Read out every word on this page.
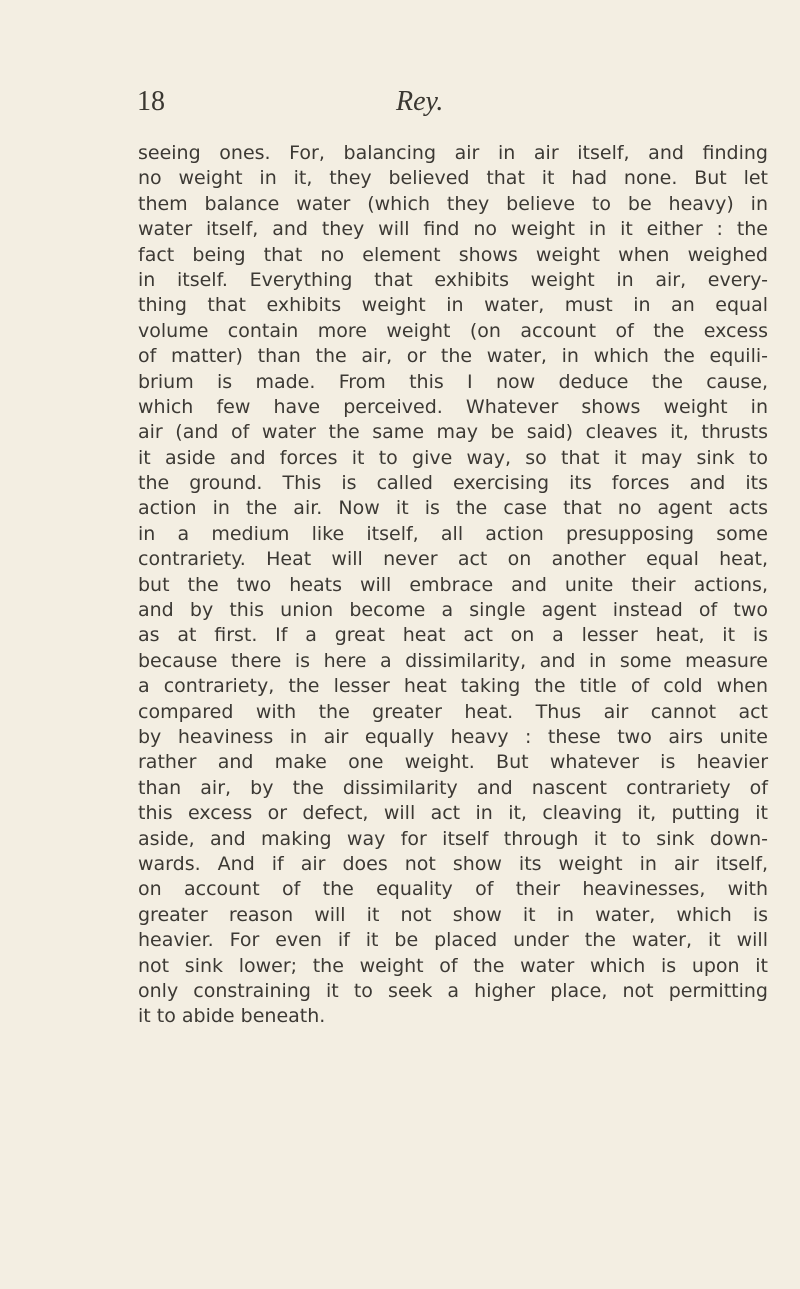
18	Rey.
seeing ones. For, balancing air in air itself, and finding
no weight in it, they believed that it had none. But let
them balance water (which they believe to be heavy) in
water itself, and they will find no weight in it either : the
fact being that no element shows weight when weighed
in itself. Everything that exhibits weight in air, every-
thing that exhibits weight in water, must in an equal
volume contain more weight (on account of the excess
of matter) than the air, or the water, in which the equili-
brium is made. From this I now deduce the cause,
which few have perceived. Whatever shows weight in
air (and of water the same may be said) cleaves it, thrusts
it aside and forces it to give way, so that it may sink to
the ground. This is called exercising its forces and its
action in the air. Now it is the case that no agent acts
in a medium like itself, all action presupposing some
contrariety. Heat will never act on another equal heat,
but the two heats will embrace and unite their actions,
and by this union become a single agent instead of two
as at first. If a great heat act on a lesser heat, it is
because there is here a dissimilarity, and in some measure
a contrariety, the lesser heat taking the title of cold when
compared with the greater heat. Thus air cannot act
by heaviness in air equally heavy : these two airs unite
rather and make one weight. But whatever is heavier
than air, by the dissimilarity and nascent contrariety of
this excess or defect, will act in it, cleaving it, putting it
aside, and making way for itself through it to sink down-
wards. And if air does not show its weight in air itself,
on account of the equality of their heavinesses, with
greater reason will it not show it in water, which is
heavier. For even if it be placed under the water, it will
not sink lower; the weight of the water which is upon it
only constraining it to seek a higher place, not permitting
it to abide beneath.
